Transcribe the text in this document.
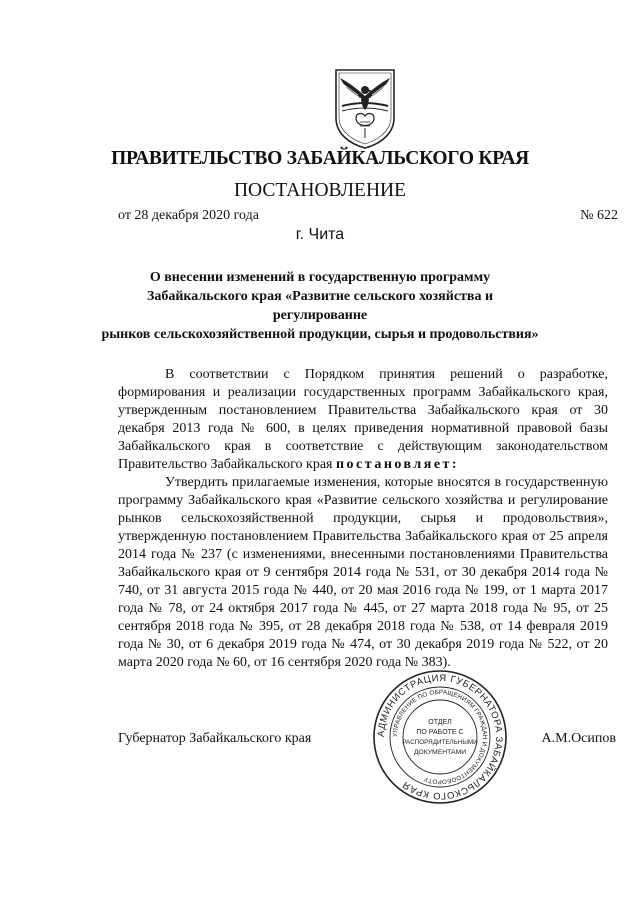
ПРАВИТЕЛЬСТВО ЗАБАЙКАЛЬСКОГО КРАЯ
ПОСТАНОВЛЕНИЕ
от 28 декабря 2020 года	№ 622
г. Чита
О внесении изменений в государственную программу
Забайкальского края «Развитие сельского хозяйства и регулированне
рынков сельскохозяйственной продукции, сырья и продовольствия»

В соответствии с Порядком принятия решений о разработке, формирования и реализации государственных программ Забайкальского края, утвержденным постановлением Правительства Забайкальского края от 30 декабря 2013 года № 600, в целях приведения нормативной правовой базы Забайкальского края в соответствие с действующим законодательством Правительство Забайкальского края постановляет:

Утвердить прилагаемые изменения, которые вносятся в государственную программу Забайкальского края «Развитие сельского хозяйства и регулирование рынков сельскохозяйственной продукции, сырья и продовольствия», утвержденную постановлением Правительства Забайкальского края от 25 апреля 2014 года № 237 (с изменениями, внесенными постановлениями Правительства Забайкальского края от 9 сентября 2014 года № 531, от 30 декабря 2014 года № 740, от 31 августа 2015 года № 440, от 20 мая 2016 года № 199, от 1 марта 2017 года № 78, от 24 октября 2017 года № 445, от 27 марта 2018 года № 95, от 25 сентября 2018 года № 395, от 28 декабря 2018 года № 538, от 14 февраля 2019 года № 30, от 6 декабря 2019 года № 474, от 30 декабря 2019 года № 522, от 20 марта 2020 года № 60, от 16 сентября 2020 года № 383).

Губернатор Забайкальского края	А.М.Осипов
АДМИНИСТРАЦИЯ ГУБЕРНАТОРА ЗАБАЙКАЛЬСКОГО КРАЯ
УПРАВЛЕНИЕ ПО ОБРАЩЕНИЯМ ГРАЖДАН И ДОКУМЕНТООБОРОТУ
ОТДЕЛ
ПО РАБОТЕ С
РАСПОРЯДИТЕЛЬНЫМИ
ДОКУМЕНТАМИ
